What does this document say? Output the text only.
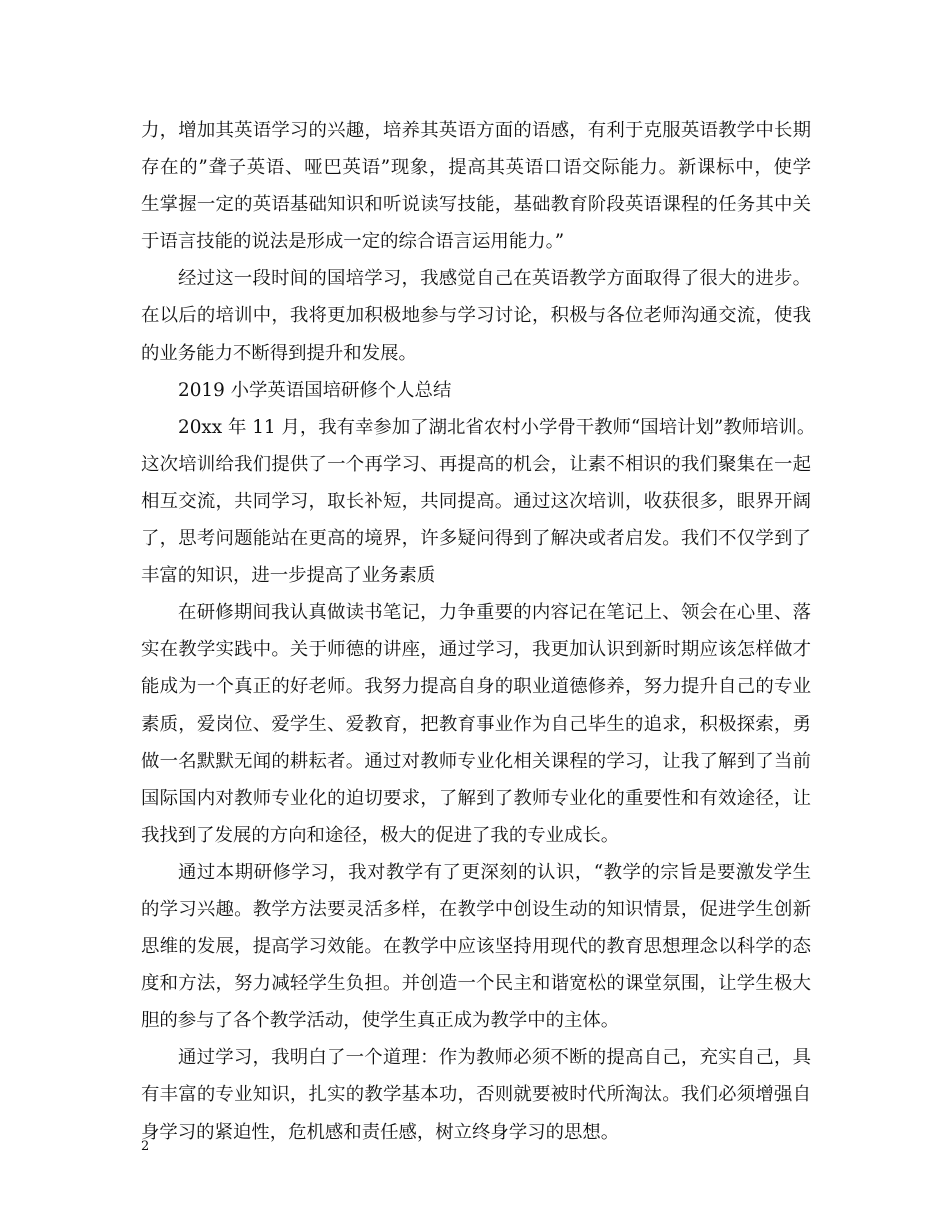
力，增加其英语学习的兴趣，培养其英语方面的语感，有利于克服英语教学中长期
存在的”聋子英语、哑巴英语”现象，提高其英语口语交际能力。新课标中，使学
生掌握一定的英语基础知识和听说读写技能，基础教育阶段英语课程的任务其中关
于语言技能的说法是形成一定的综合语言运用能力。”
经过这一段时间的国培学习，我感觉自己在英语教学方面取得了很大的进步。
在以后的培训中，我将更加积极地参与学习讨论，积极与各位老师沟通交流，使我
的业务能力不断得到提升和发展。
2019 小学英语国培研修个人总结
20xx 年 11 月，我有幸参加了湖北省农村小学骨干教师“国培计划”教师培训。
这次培训给我们提供了一个再学习、再提高的机会，让素不相识的我们聚集在一起
相互交流，共同学习，取长补短，共同提高。通过这次培训，收获很多，眼界开阔
了，思考问题能站在更高的境界，许多疑问得到了解决或者启发。我们不仅学到了
丰富的知识，进一步提高了业务素质
在研修期间我认真做读书笔记，力争重要的内容记在笔记上、领会在心里、落
实在教学实践中。关于师德的讲座，通过学习，我更加认识到新时期应该怎样做才
能成为一个真正的好老师。我努力提高自身的职业道德修养，努力提升自己的专业
素质，爱岗位、爱学生、爱教育，把教育事业作为自己毕生的追求，积极探索，勇
做一名默默无闻的耕耘者。通过对教师专业化相关课程的学习，让我了解到了当前
国际国内对教师专业化的迫切要求，了解到了教师专业化的重要性和有效途径，让
我找到了发展的方向和途径，极大的促进了我的专业成长。
通过本期研修学习，我对教学有了更深刻的认识，“教学的宗旨是要激发学生
的学习兴趣。教学方法要灵活多样，在教学中创设生动的知识情景，促进学生创新
思维的发展，提高学习效能。在教学中应该坚持用现代的教育思想理念以科学的态
度和方法，努力减轻学生负担。并创造一个民主和谐宽松的课堂氛围，让学生极大
胆的参与了各个教学活动，使学生真正成为教学中的主体。
通过学习，我明白了一个道理：作为教师必须不断的提高自己，充实自己，具
有丰富的专业知识，扎实的教学基本功，否则就要被时代所淘汰。我们必须增强自
身学习的紧迫性，危机感和责任感，树立终身学习的思想。
2
